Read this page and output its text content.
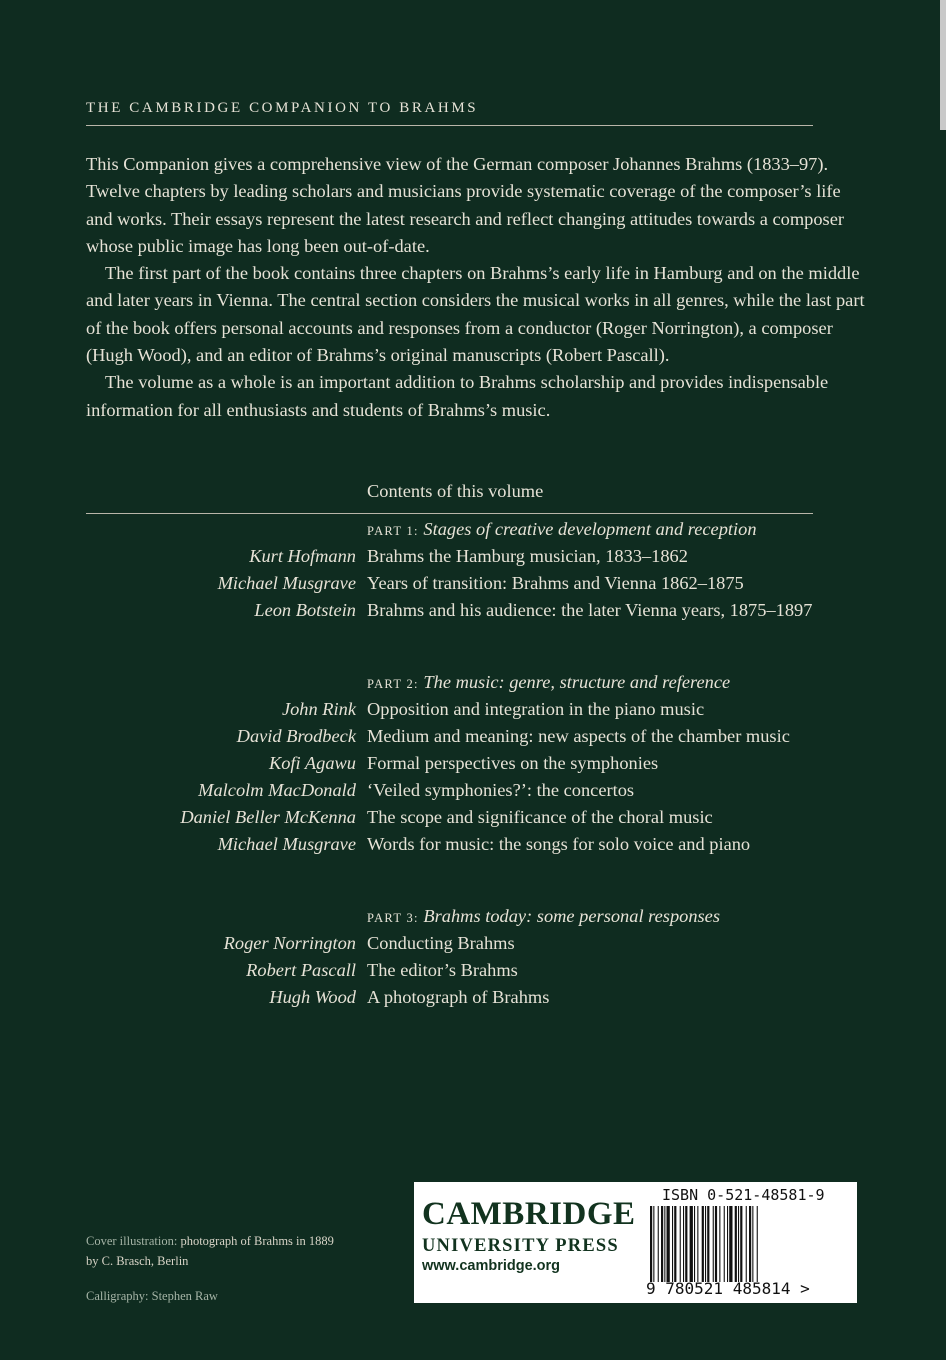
THE CAMBRIDGE COMPANION TO BRAHMS

This Companion gives a comprehensive view of the German composer Johannes Brahms (1833–97). Twelve chapters by leading scholars and musicians provide systematic coverage of the composer’s life and works. Their essays represent the latest research and reflect changing attitudes towards a composer whose public image has long been out-of-date.

The first part of the book contains three chapters on Brahms’s early life in Hamburg and on the middle and later years in Vienna. The central section considers the musical works in all genres, while the last part of the book offers personal accounts and responses from a conductor (Roger Norrington), a composer (Hugh Wood), and an editor of Brahms’s original manuscripts (Robert Pascall).

The volume as a whole is an important addition to Brahms scholarship and provides indispensable information for all enthusiasts and students of Brahms’s music.

Contents of this volume
PART 1: Stages of creative development and reception
Kurt Hofmann Brahms the Hamburg musician, 1833–1862
Michael Musgrave Years of transition: Brahms and Vienna 1862–1875
Leon Botstein Brahms and his audience: the later Vienna years, 1875–1897
PART 2: The music: genre, structure and reference
John Rink Opposition and integration in the piano music
David Brodbeck Medium and meaning: new aspects of the chamber music
Kofi Agawu Formal perspectives on the symphonies
Malcolm MacDonald ‘Veiled symphonies?’: the concertos
Daniel Beller McKenna The scope and significance of the choral music
Michael Musgrave Words for music: the songs for solo voice and piano
PART 3: Brahms today: some personal responses
Roger Norrington Conducting Brahms
Robert Pascall The editor’s Brahms
Hugh Wood A photograph of Brahms
Cover illustration: photograph of Brahms in 1889 by C. Brasch, Berlin
Calligraphy: Stephen Raw
CAMBRIDGE
UNIVERSITY PRESS
www.cambridge.org
ISBN 0-521-48581-9
9 780521 485814 >
